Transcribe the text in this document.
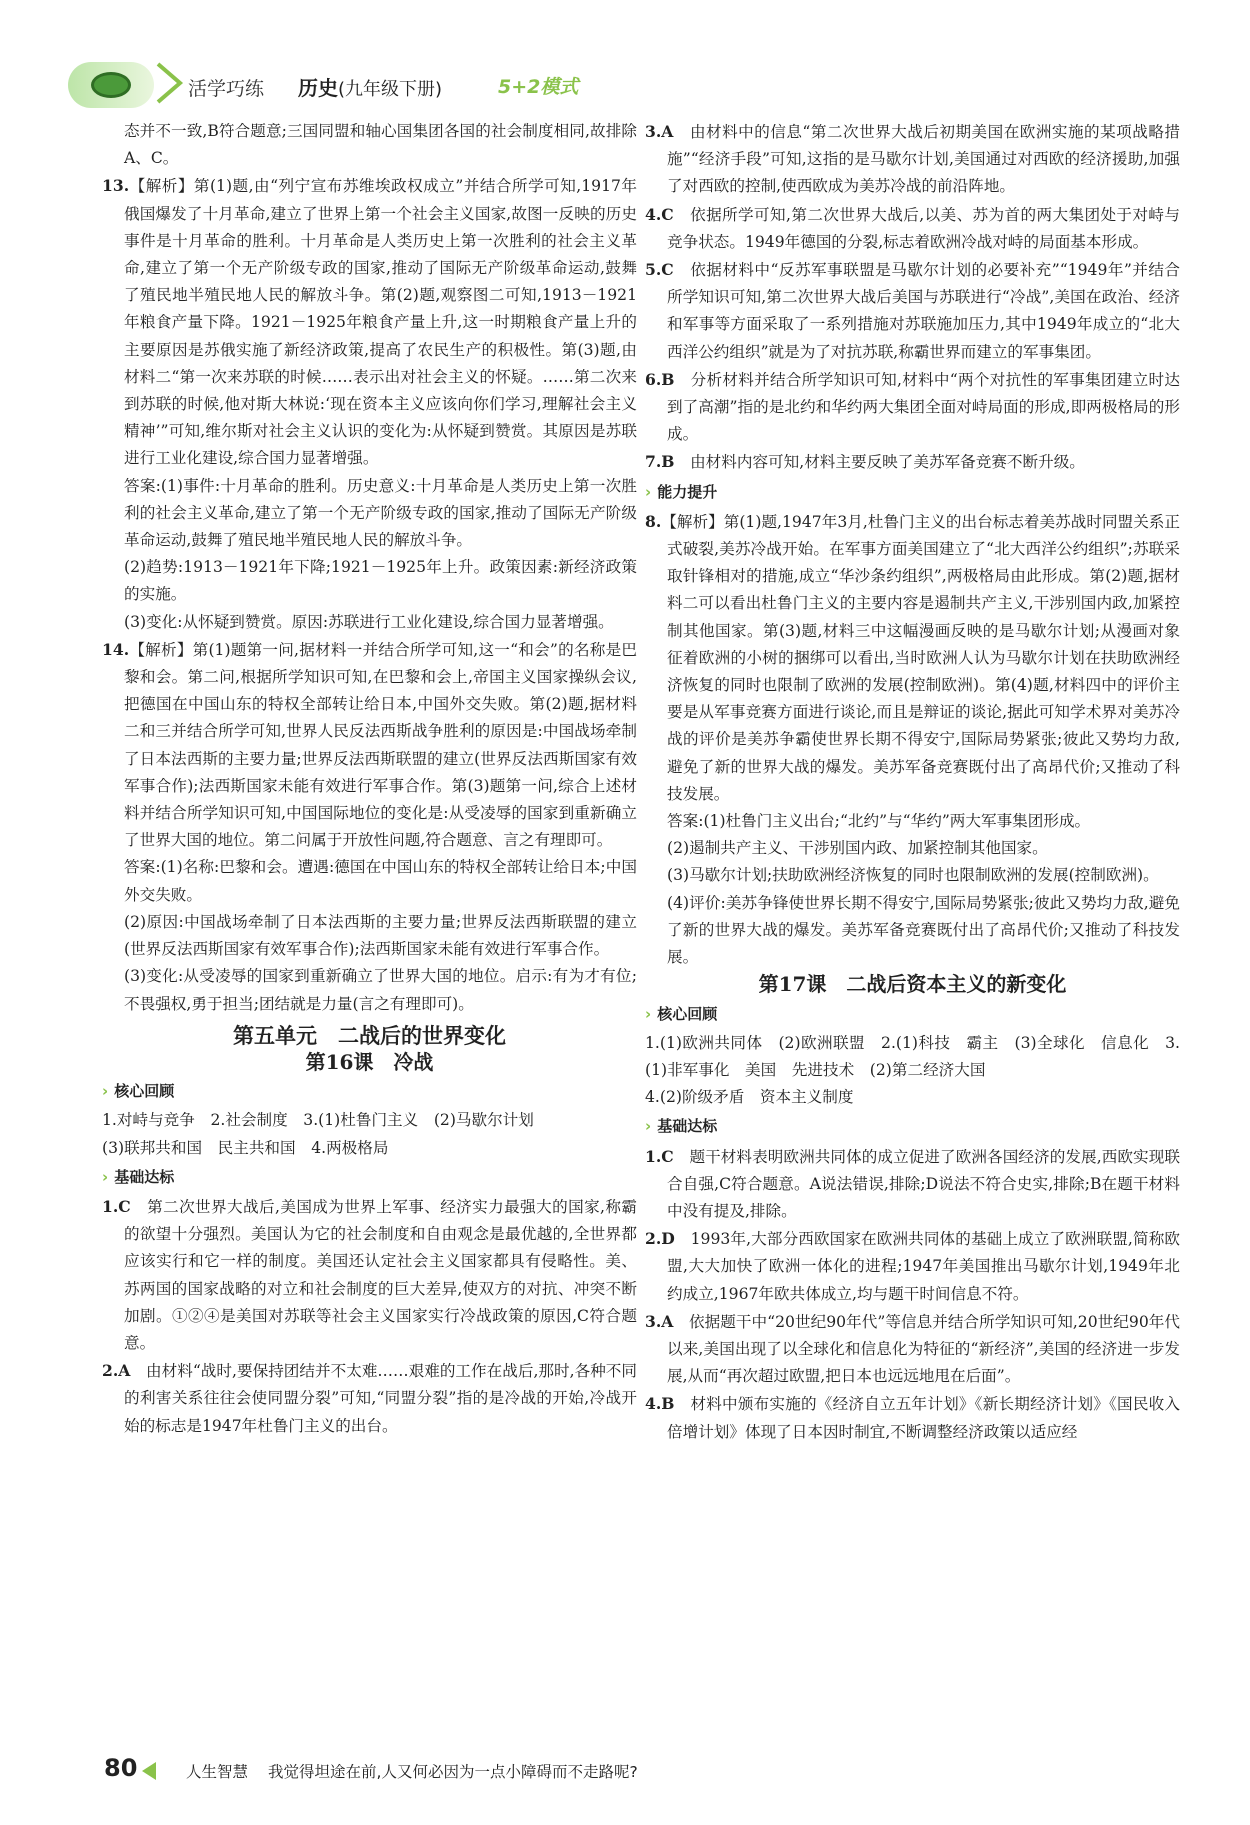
活学巧练 历史(九年级下册)	5+2模式

态并不一致,B符合题意;三国同盟和轴心国集团各国的社会制度相同,故排除A、C。

13.【解析】第(1)题,由“列宁宣布苏维埃政权成立”并结合所学可知,1917年俄国爆发了十月革命,建立了世界上第一个社会主义国家,故图一反映的历史事件是十月革命的胜利。十月革命是人类历史上第一次胜利的社会主义革命,建立了第一个无产阶级专政的国家,推动了国际无产阶级革命运动,鼓舞了殖民地半殖民地人民的解放斗争。第(2)题,观察图二可知,1913－1921年粮食产量下降。1921－1925年粮食产量上升,这一时期粮食产量上升的主要原因是苏俄实施了新经济政策,提高了农民生产的积极性。第(3)题,由材料二“第一次来苏联的时候……表示出对社会主义的怀疑。……第二次来到苏联的时候,他对斯大林说:‘现在资本主义应该向你们学习,理解社会主义精神’”可知,维尔斯对社会主义认识的变化为:从怀疑到赞赏。其原因是苏联进行工业化建设,综合国力显著增强。

答案:(1)事件:十月革命的胜利。历史意义:十月革命是人类历史上第一次胜利的社会主义革命,建立了第一个无产阶级专政的国家,推动了国际无产阶级革命运动,鼓舞了殖民地半殖民地人民的解放斗争。

(2)趋势:1913－1921年下降;1921－1925年上升。政策因素:新经济政策的实施。

(3)变化:从怀疑到赞赏。原因:苏联进行工业化建设,综合国力显著增强。

14.【解析】第(1)题第一问,据材料一并结合所学可知,这一“和会”的名称是巴黎和会。第二问,根据所学知识可知,在巴黎和会上,帝国主义国家操纵会议,把德国在中国山东的特权全部转让给日本,中国外交失败。第(2)题,据材料二和三并结合所学可知,世界人民反法西斯战争胜利的原因是:中国战场牵制了日本法西斯的主要力量;世界反法西斯联盟的建立(世界反法西斯国家有效军事合作);法西斯国家未能有效进行军事合作。第(3)题第一问,综合上述材料并结合所学知识可知,中国国际地位的变化是:从受凌辱的国家到重新确立了世界大国的地位。第二问属于开放性问题,符合题意、言之有理即可。

答案:(1)名称:巴黎和会。遭遇:德国在中国山东的特权全部转让给日本;中国外交失败。

(2)原因:中国战场牵制了日本法西斯的主要力量;世界反法西斯联盟的建立(世界反法西斯国家有效军事合作);法西斯国家未能有效进行军事合作。

(3)变化:从受凌辱的国家到重新确立了世界大国的地位。启示:有为才有位;不畏强权,勇于担当;团结就是力量(言之有理即可)。

第五单元　二战后的世界变化
第16课　冷战
› 核心回顾

1.对峙与竞争　2.社会制度　3.(1)杜鲁门主义　(2)马歇尔计划

(3)联邦共和国　民主共和国　4.两极格局

› 基础达标

1.C　 第二次世界大战后,美国成为世界上军事、经济实力最强大的国家,称霸的欲望十分强烈。美国认为它的社会制度和自由观念是最优越的,全世界都应该实行和它一样的制度。美国还认定社会主义国家都具有侵略性。美、苏两国的国家战略的对立和社会制度的巨大差异,使双方的对抗、冲突不断加剧。①②④是美国对苏联等社会主义国家实行冷战政策的原因,C符合题意。

2.A　 由材料“战时,要保持团结并不太难……艰难的工作在战后,那时,各种不同的利害关系往往会使同盟分裂”可知,“同盟分裂”指的是冷战的开始,冷战开始的标志是1947年杜鲁门主义的出台。

3.A　 由材料中的信息“第二次世界大战后初期美国在欧洲实施的某项战略措施”“经济手段”可知,这指的是马歇尔计划,美国通过对西欧的经济援助,加强了对西欧的控制,使西欧成为美苏冷战的前沿阵地。

4.C　 依据所学可知,第二次世界大战后,以美、苏为首的两大集团处于对峙与竞争状态。1949年德国的分裂,标志着欧洲冷战对峙的局面基本形成。

5.C　 依据材料中“反苏军事联盟是马歇尔计划的必要补充”“1949年”并结合所学知识可知,第二次世界大战后美国与苏联进行“冷战”,美国在政治、经济和军事等方面采取了一系列措施对苏联施加压力,其中1949年成立的“北大西洋公约组织”就是为了对抗苏联,称霸世界而建立的军事集团。

6.B　 分析材料并结合所学知识可知,材料中“两个对抗性的军事集团建立时达到了高潮”指的是北约和华约两大集团全面对峙局面的形成,即两极格局的形成。

7.B　 由材料内容可知,材料主要反映了美苏军备竞赛不断升级。

› 能力提升

8.【解析】第(1)题,1947年3月,杜鲁门主义的出台标志着美苏战时同盟关系正式破裂,美苏冷战开始。在军事方面美国建立了“北大西洋公约组织”;苏联采取针锋相对的措施,成立“华沙条约组织”,两极格局由此形成。第(2)题,据材料二可以看出杜鲁门主义的主要内容是遏制共产主义,干涉别国内政,加紧控制其他国家。第(3)题,材料三中这幅漫画反映的是马歇尔计划;从漫画对象征着欧洲的小树的捆绑可以看出,当时欧洲人认为马歇尔计划在扶助欧洲经济恢复的同时也限制了欧洲的发展(控制欧洲)。第(4)题,材料四中的评价主要是从军事竞赛方面进行谈论,而且是辩证的谈论,据此可知学术界对美苏冷战的评价是美苏争霸使世界长期不得安宁,国际局势紧张;彼此又势均力敌,避免了新的世界大战的爆发。美苏军备竞赛既付出了高昂代价;又推动了科技发展。

答案:(1)杜鲁门主义出台;“北约”与“华约”两大军事集团形成。

(2)遏制共产主义、干涉别国内政、加紧控制其他国家。

(3)马歇尔计划;扶助欧洲经济恢复的同时也限制欧洲的发展(控制欧洲)。

(4)评价:美苏争锋使世界长期不得安宁,国际局势紧张;彼此又势均力敌,避免了新的世界大战的爆发。美苏军备竞赛既付出了高昂代价;又推动了科技发展。

第17课　二战后资本主义的新变化
› 核心回顾

1.(1)欧洲共同体　(2)欧洲联盟　2.(1)科技　霸主　(3)全球化　信息化　3.(1)非军事化　美国　先进技术　(2)第二经济大国

4.(2)阶级矛盾　资本主义制度

› 基础达标

1.C　 题干材料表明欧洲共同体的成立促进了欧洲各国经济的发展,西欧实现联合自强,C符合题意。A说法错误,排除;D说法不符合史实,排除;B在题干材料中没有提及,排除。

2.D　 1993年,大部分西欧国家在欧洲共同体的基础上成立了欧洲联盟,简称欧盟,大大加快了欧洲一体化的进程;1947年美国推出马歇尔计划,1949年北约成立,1967年欧共体成立,均与题干时间信息不符。

3.A　 依据题干中“20世纪90年代”等信息并结合所学知识可知,20世纪90年代以来,美国出现了以全球化和信息化为特征的“新经济”,美国的经济进一步发展,从而“再次超过欧盟,把日本也远远地甩在后面”。

4.B　 材料中颁布实施的《经济自立五年计划》《新长期经济计划》《国民收入倍增计划》体现了日本因时制宜,不断调整经济政策以适应经

80	人生智慧 我觉得坦途在前,人又何必因为一点小障碍而不走路呢?
